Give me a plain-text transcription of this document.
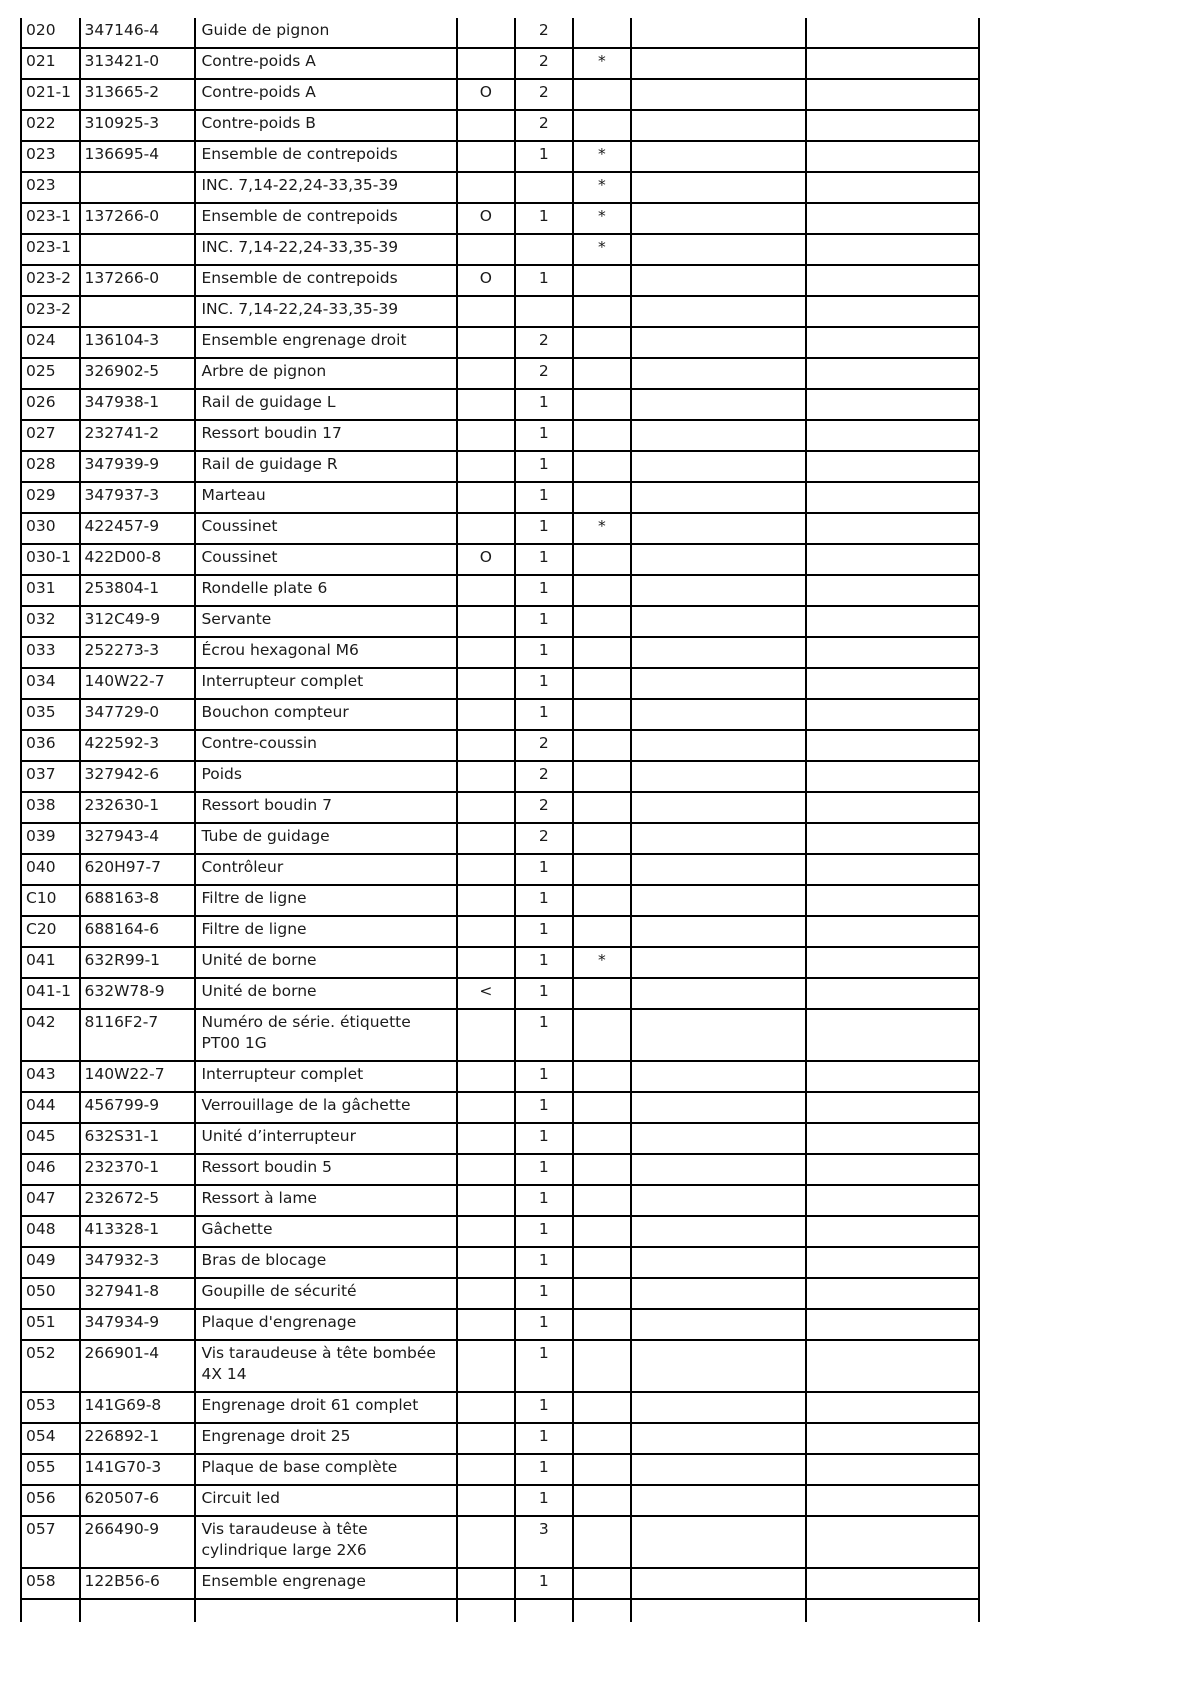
020	347146-4	Guide de pignon		2			
021	313421-0	Contre-poids A		2	*		
021-1	313665-2	Contre-poids A	O	2			
022	310925-3	Contre-poids B		2			
023	136695-4	Ensemble de contrepoids		1	*		
023		INC. 7,14-22,24-33,35-39			*		
023-1	137266-0	Ensemble de contrepoids	O	1	*		
023-1		INC. 7,14-22,24-33,35-39			*		
023-2	137266-0	Ensemble de contrepoids	O	1			
023-2		INC. 7,14-22,24-33,35-39					
024	136104-3	Ensemble engrenage droit		2			
025	326902-5	Arbre de pignon		2			
026	347938-1	Rail de guidage L		1			
027	232741-2	Ressort boudin 17		1			
028	347939-9	Rail de guidage R		1			
029	347937-3	Marteau		1			
030	422457-9	Coussinet		1	*		
030-1	422D00-8	Coussinet	O	1			
031	253804-1	Rondelle plate 6		1			
032	312C49-9	Servante		1			
033	252273-3	Écrou hexagonal M6		1			
034	140W22-7	Interrupteur complet		1			
035	347729-0	Bouchon compteur		1			
036	422592-3	Contre-coussin		2			
037	327942-6	Poids		2			
038	232630-1	Ressort boudin 7		2			
039	327943-4	Tube de guidage		2			
040	620H97-7	Contrôleur		1			
C10	688163-8	Filtre de ligne		1			
C20	688164-6	Filtre de ligne		1			
041	632R99-1	Unité de borne		1	*		
041-1	632W78-9	Unité de borne	<	1			
042	8116F2-7	Numéro de série. étiquette PT00 1G		1			
043	140W22-7	Interrupteur complet		1			
044	456799-9	Verrouillage de la gâchette		1			
045	632S31-1	Unité d’interrupteur		1			
046	232370-1	Ressort boudin 5		1			
047	232672-5	Ressort à lame		1			
048	413328-1	Gâchette		1			
049	347932-3	Bras de blocage		1			
050	327941-8	Goupille de sécurité		1			
051	347934-9	Plaque d'engrenage		1			
052	266901-4	Vis taraudeuse à tête bombée 4X 14		1			
053	141G69-8	Engrenage droit 61 complet		1			
054	226892-1	Engrenage droit 25		1			
055	141G70-3	Plaque de base complète		1			
056	620507-6	Circuit led		1			
057	266490-9	Vis taraudeuse à tête cylindrique large 2X6		3			
058	122B56-6	Ensemble engrenage		1			
